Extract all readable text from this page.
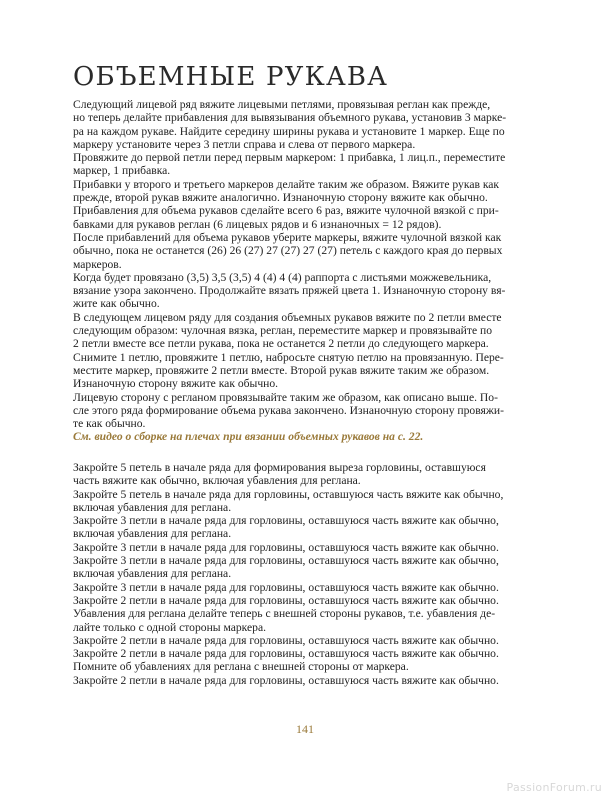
ОБЪЕМНЫЕ РУКАВА

Следующий лицевой ряд вяжите лицевыми петлями, провязывая реглан как прежде,

но теперь делайте прибавления для вывязывания объемного рукава, установив 3 марке-

ра на каждом рукаве. Найдите середину ширины рукава и установите 1 маркер. Еще по

маркеру установите через 3 петли справа и слева от первого маркера.

Провяжите до первой петли перед первым маркером: 1 прибавка, 1 лиц.п., переместите

маркер, 1 прибавка.

Прибавки у второго и третьего маркеров делайте таким же образом. Вяжите рукав как

прежде, второй рукав вяжите аналогично. Изнаночную сторону вяжите как обычно.

Прибавления для объема рукавов сделайте всего 6 раз, вяжите чулочной вязкой с при-

бавками для рукавов реглан (6 лицевых рядов и 6 изнаночных = 12 рядов).

После прибавлений для объема рукавов уберите маркеры, вяжите чулочной вязкой как

обычно, пока не останется (26) 26 (27) 27 (27) 27 (27) петель с каждого края до первых

маркеров.

Когда будет провязано (3,5) 3,5 (3,5) 4 (4) 4 (4) раппорта с листьями можжевельника,

вязание узора закончено. Продолжайте вязать пряжей цвета 1. Изнаночную сторону вя-

жите как обычно.

В следующем лицевом ряду для создания объемных рукавов вяжите по 2 петли вместе

следующим образом: чулочная вязка, реглан, переместите маркер и провязывайте по

2 петли вместе все петли рукава, пока не останется 2 петли до следующего маркера.

Снимите 1 петлю, провяжите 1 петлю, набросьте снятую петлю на провязанную. Пере-

местите маркер, провяжите 2 петли вместе. Второй рукав вяжите таким же образом.

Изнаночную сторону вяжите как обычно.

Лицевую сторону с регланом провязывайте таким же образом, как описано выше. По-

сле этого ряда формирование объема рукава закончено. Изнаночную сторону провяжи-

те как обычно.

См. видео о сборке на плечах при вязании объемных рукавов на с. 22.

Закройте 5 петель в начале ряда для формирования выреза горловины, оставшуюся

часть вяжите как обычно, включая убавления для реглана.

Закройте 5 петель в начале ряда для горловины, оставшуюся часть вяжите как обычно,

включая убавления для реглана.

Закройте 3 петли в начале ряда для горловины, оставшуюся часть вяжите как обычно,

включая убавления для реглана.

Закройте 3 петли в начале ряда для горловины, оставшуюся часть вяжите как обычно.

Закройте 3 петли в начале ряда для горловины, оставшуюся часть вяжите как обычно,

включая убавления для реглана.

Закройте 3 петли в начале ряда для горловины, оставшуюся часть вяжите как обычно.

Закройте 2 петли в начале ряда для горловины, оставшуюся часть вяжите как обычно.

Убавления для реглана делайте теперь с внешней стороны рукавов, т.е. убавления де-

лайте только с одной стороны маркера.

Закройте 2 петли в начале ряда для горловины, оставшуюся часть вяжите как обычно.

Закройте 2 петли в начале ряда для горловины, оставшуюся часть вяжите как обычно.

Помните об убавлениях для реглана с внешней стороны от маркера.

Закройте 2 петли в начале ряда для горловины, оставшуюся часть вяжите как обычно.

141
PassionForum.ru
